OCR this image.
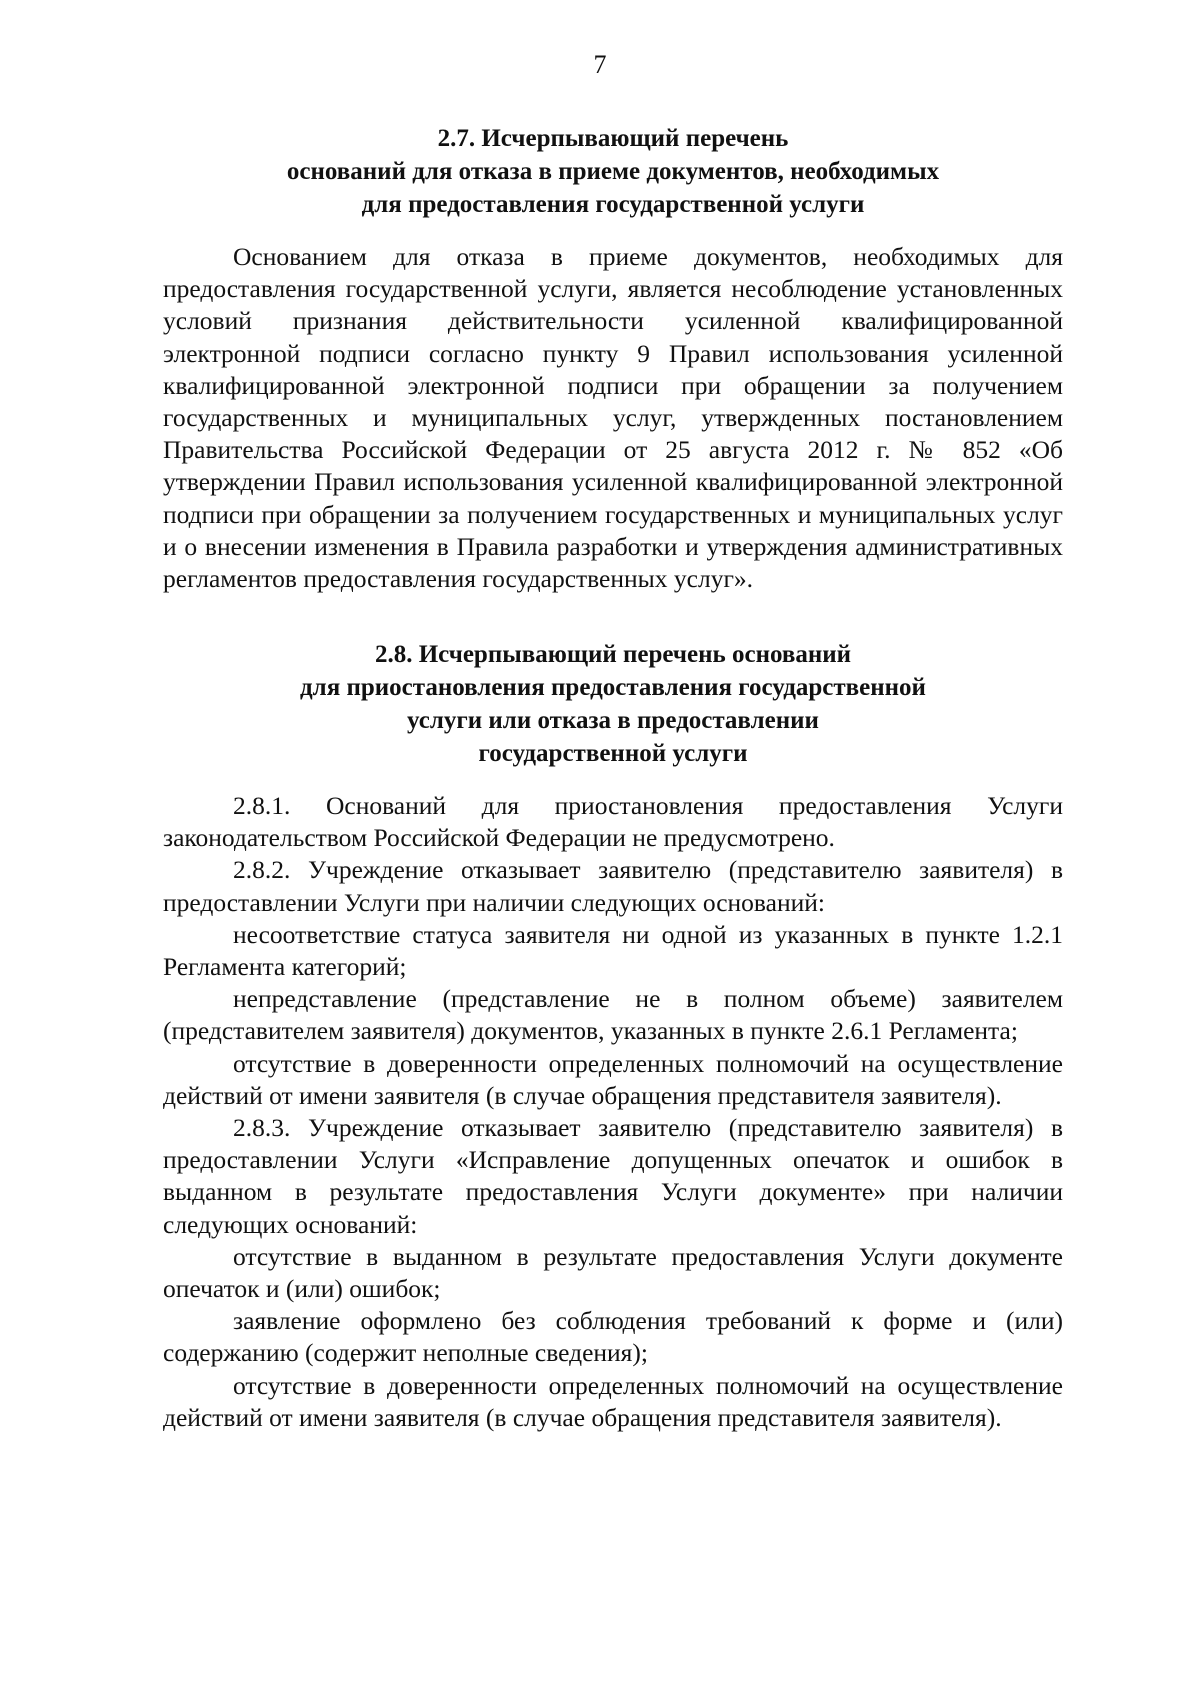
7
2.7. Исчерпывающий перечень
оснований для отказа в приеме документов, необходимых
для предоставления государственной услуги

Основанием для отказа в приеме документов, необходимых для предоставления государственной услуги, является несоблюдение установленных условий признания действительности усиленной квалифицированной электронной подписи согласно пункту 9 Правил использования усиленной квалифицированной электронной подписи при обращении за получением государственных и муниципальных услуг, утвержденных постановлением Правительства Российской Федерации от 25 августа 2012 г. № 852 «Об утверждении Правил использования усиленной квалифицированной электронной подписи при обращении за получением государственных и муниципальных услуг и о внесении изменения в Правила разработки и утверждения административных регламентов предоставления государственных услуг».

2.8. Исчерпывающий перечень оснований
для приостановления предоставления государственной
услуги или отказа в предоставлении
государственной услуги

2.8.1. Оснований для приостановления предоставления Услуги законодательством Российской Федерации не предусмотрено.

2.8.2. Учреждение отказывает заявителю (представителю заявителя) в предоставлении Услуги при наличии следующих оснований:

несоответствие статуса заявителя ни одной из указанных в пункте 1.2.1 Регламента категорий;

непредставление (представление не в полном объеме) заявителем (представителем заявителя) документов, указанных в пункте 2.6.1 Регламента;

отсутствие в доверенности определенных полномочий на осуществление действий от имени заявителя (в случае обращения представителя заявителя).

2.8.3. Учреждение отказывает заявителю (представителю заявителя) в предоставлении Услуги «Исправление допущенных опечаток и ошибок в выданном в результате предоставления Услуги документе» при наличии следующих оснований:

отсутствие в выданном в результате предоставления Услуги документе опечаток и (или) ошибок;

заявление оформлено без соблюдения требований к форме и (или) содержанию (содержит неполные сведения);

отсутствие в доверенности определенных полномочий на осуществление действий от имени заявителя (в случае обращения представителя заявителя).
